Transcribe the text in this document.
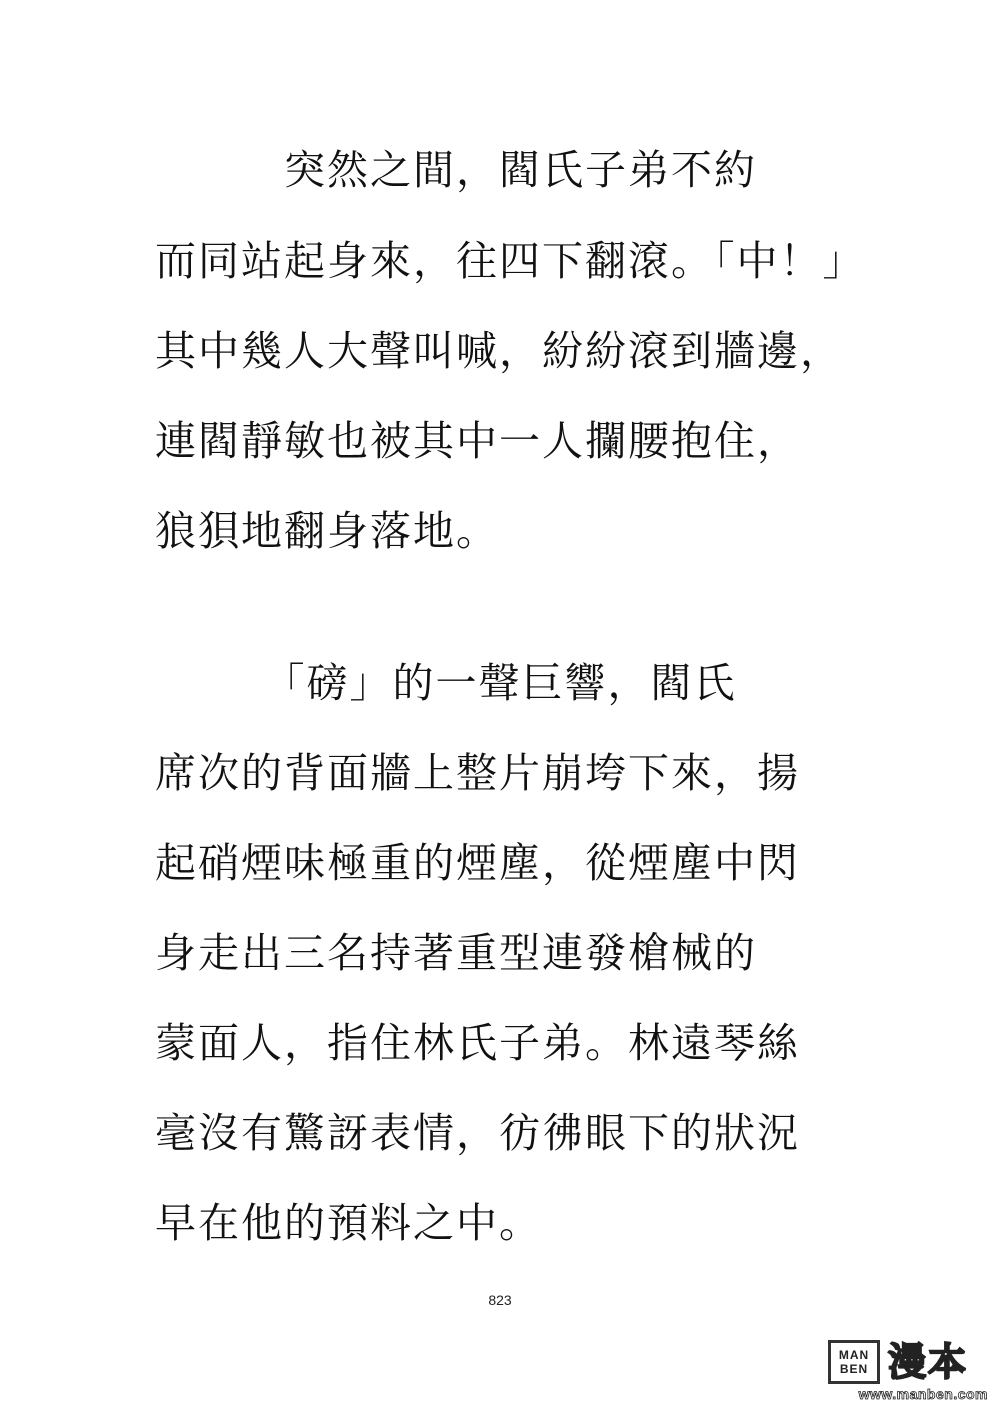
　　　突然之間，閻氏子弟不約
而同站起身來，往四下翻滾。「中！」
其中幾人大聲叫喊，紛紛滾到牆邊，
連閻靜敏也被其中一人攔腰抱住，
狼狽地翻身落地。
　　　「磅」的一聲巨響，閻氏
席次的背面牆上整片崩垮下來，揚
起硝煙味極重的煙塵，從煙塵中閃
身走出三名持著重型連發槍械的
蒙面人，指住林氏子弟。林遠琴絲
毫沒有驚訝表情，彷彿眼下的狀況
早在他的預料之中。
823
MAN
BEN 漫本
www.manben.com
